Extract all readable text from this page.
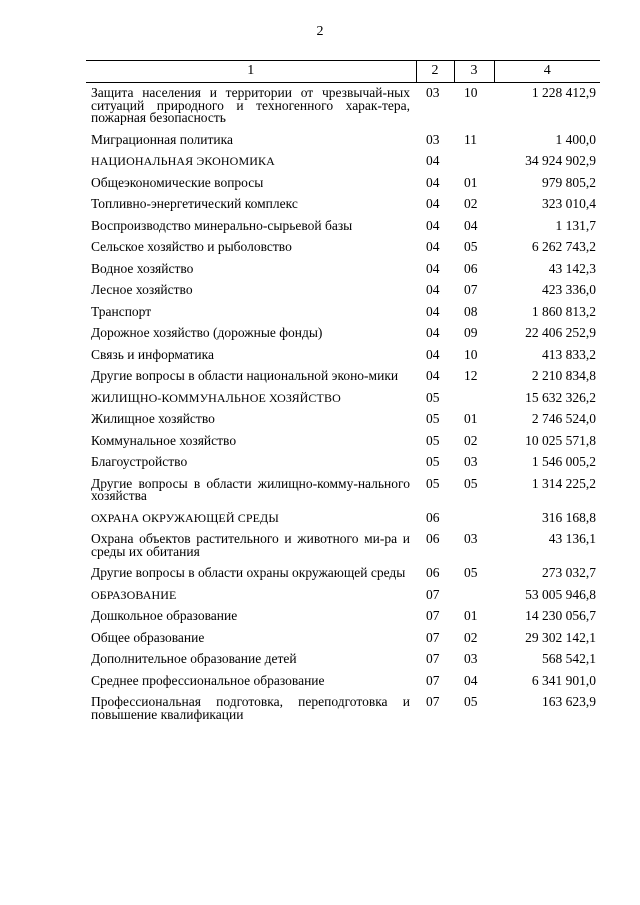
2
1	2	3	4
Защита населения и территории от чрезвычай-ных ситуаций природного и техногенного харак-тера, пожарная безопасность	03	10	1 228 412,9
Миграционная политика	03	11	1 400,0
НАЦИОНАЛЬНАЯ ЭКОНОМИКА	04		34 924 902,9
Общеэкономические вопросы	04	01	979 805,2
Топливно-энергетический комплекс	04	02	323 010,4
Воспроизводство минерально-сырьевой базы	04	04	1 131,7
Сельское хозяйство и рыболовство	04	05	6 262 743,2
Водное хозяйство	04	06	43 142,3
Лесное хозяйство	04	07	423 336,0
Транспорт	04	08	1 860 813,2
Дорожное хозяйство (дорожные фонды)	04	09	22 406 252,9
Связь и информатика	04	10	413 833,2
Другие вопросы в области национальной эконо-мики	04	12	2 210 834,8
ЖИЛИЩНО-КОММУНАЛЬНОЕ ХОЗЯЙСТВО	05		15 632 326,2
Жилищное хозяйство	05	01	2 746 524,0
Коммунальное хозяйство	05	02	10 025 571,8
Благоустройство	05	03	1 546 005,2
Другие вопросы в области жилищно-комму-нального хозяйства	05	05	1 314 225,2
ОХРАНА ОКРУЖАЮЩЕЙ СРЕДЫ	06		316 168,8
Охрана объектов растительного и животного ми-ра и среды их обитания	06	03	43 136,1
Другие вопросы в области охраны окружающей среды	06	05	273 032,7
ОБРАЗОВАНИЕ	07		53 005 946,8
Дошкольное образование	07	01	14 230 056,7
Общее образование	07	02	29 302 142,1
Дополнительное образование детей	07	03	568 542,1
Среднее профессиональное образование	07	04	6 341 901,0
Профессиональная подготовка, переподготовка и повышение квалификации	07	05	163 623,9
